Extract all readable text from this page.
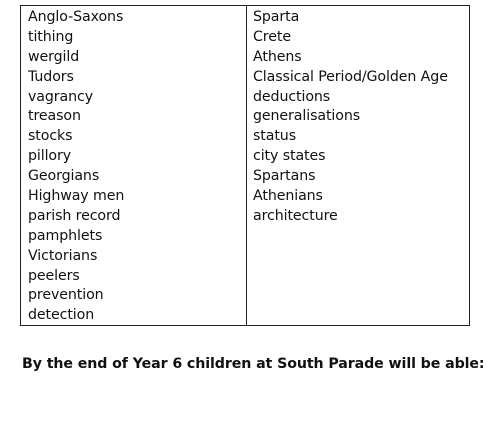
Anglo-Saxons
tithing
wergild
Tudors
vagrancy
treason
stocks
pillory
Georgians
Highway men
parish record
pamphlets
Victorians
peelers
prevention
detection
Sparta
Crete
Athens
Classical Period/Golden Age
deductions
generalisations
status
city states
Spartans
Athenians
architecture
By the end of Year 6 children at South Parade will be able:
